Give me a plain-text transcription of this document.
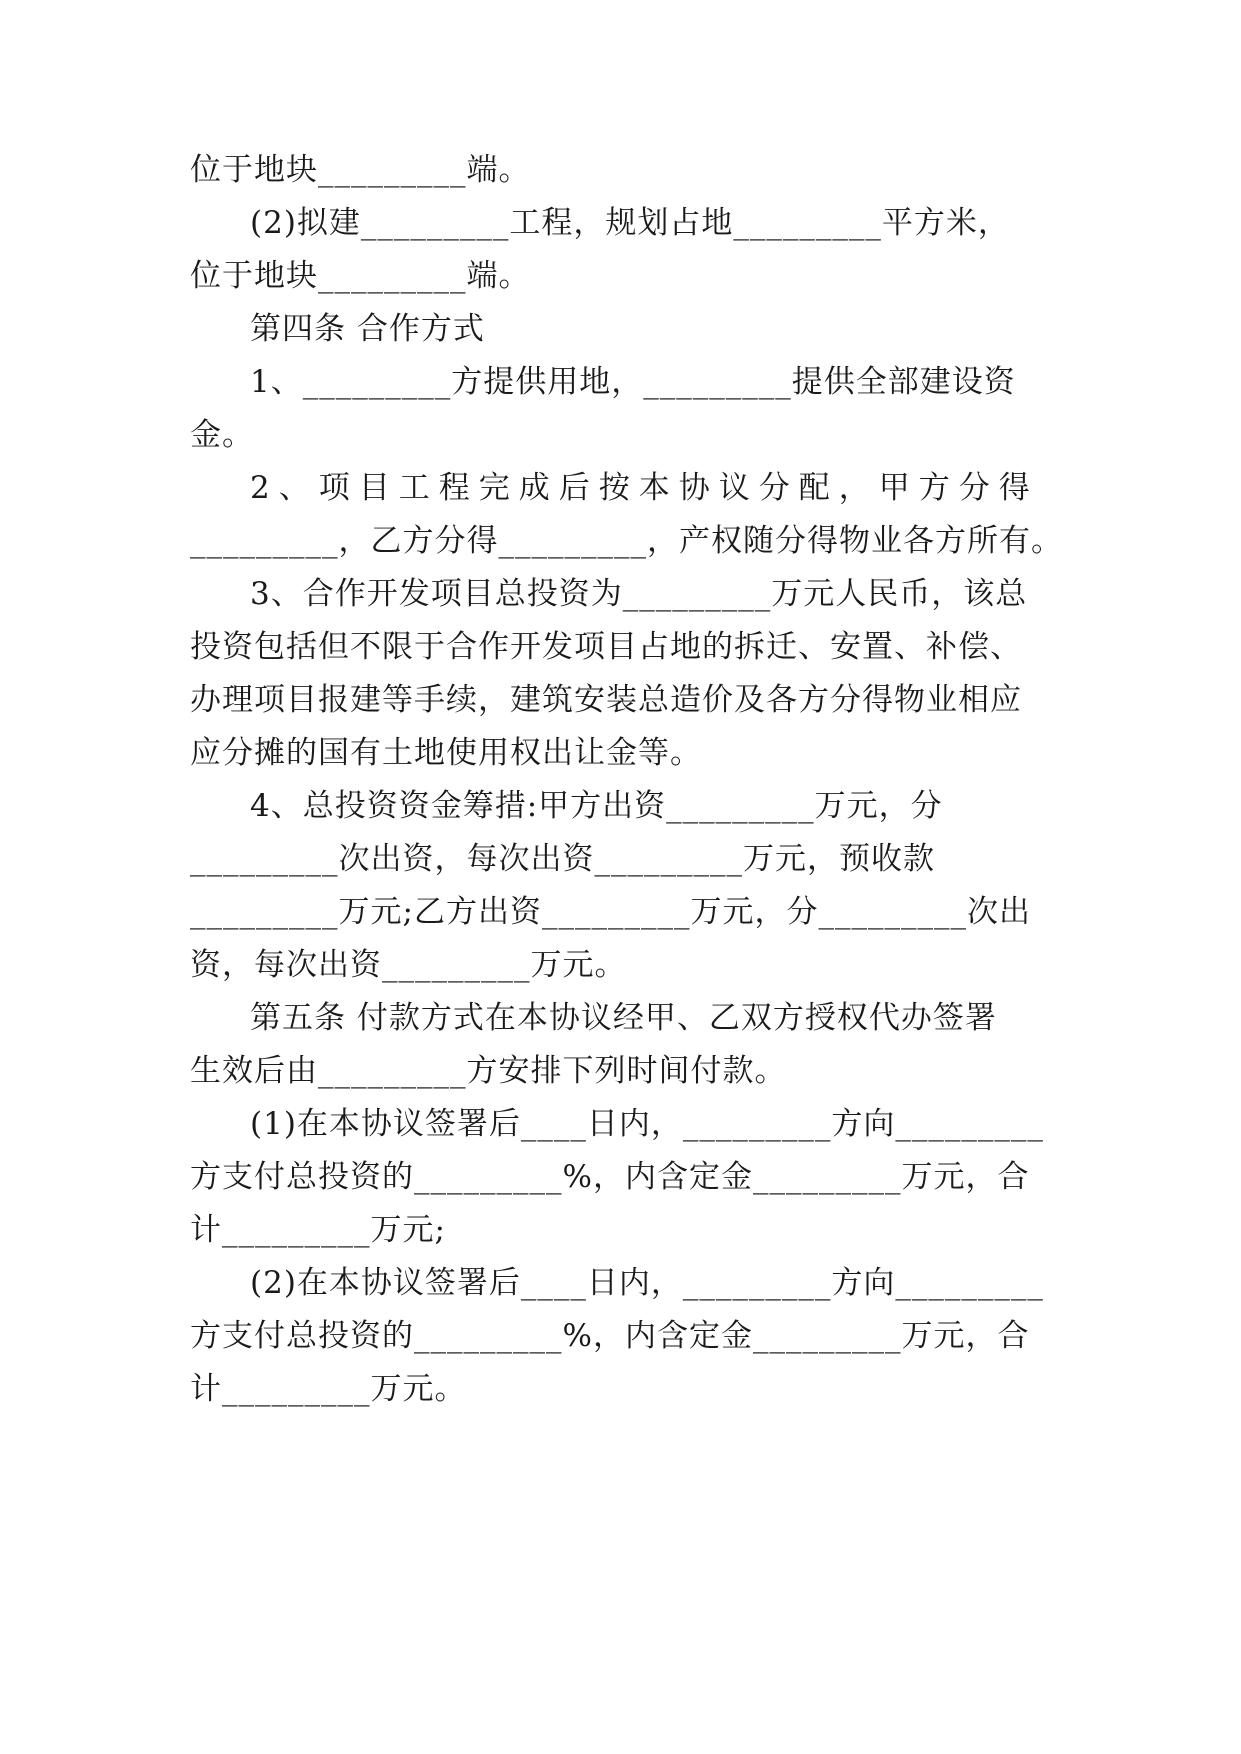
位于地块_________端。
(2)拟建_________工程，规划占地_________平方米，
位于地块_________端。
第四条 合作方式
1、_________方提供用地，_________提供全部建设资
金。
2、项目工程完成后按本协议分配，甲方分得
_________，乙方分得_________，产权随分得物业各方所有。
3、合作开发项目总投资为_________万元人民币，该总
投资包括但不限于合作开发项目占地的拆迁、安置、补偿、
办理项目报建等手续，建筑安装总造价及各方分得物业相应
应分摊的国有土地使用权出让金等。
4、总投资资金筹措:甲方出资_________万元，分
_________次出资，每次出资_________万元，预收款
_________万元;乙方出资_________万元，分_________次出
资，每次出资_________万元。
第五条 付款方式在本协议经甲、乙双方授权代办签署
生效后由_________方安排下列时间付款。
(1)在本协议签署后____日内，_________方向_________
方支付总投资的_________%，内含定金_________万元，合
计_________万元;
(2)在本协议签署后____日内，_________方向_________
方支付总投资的_________%，内含定金_________万元，合
计_________万元。
